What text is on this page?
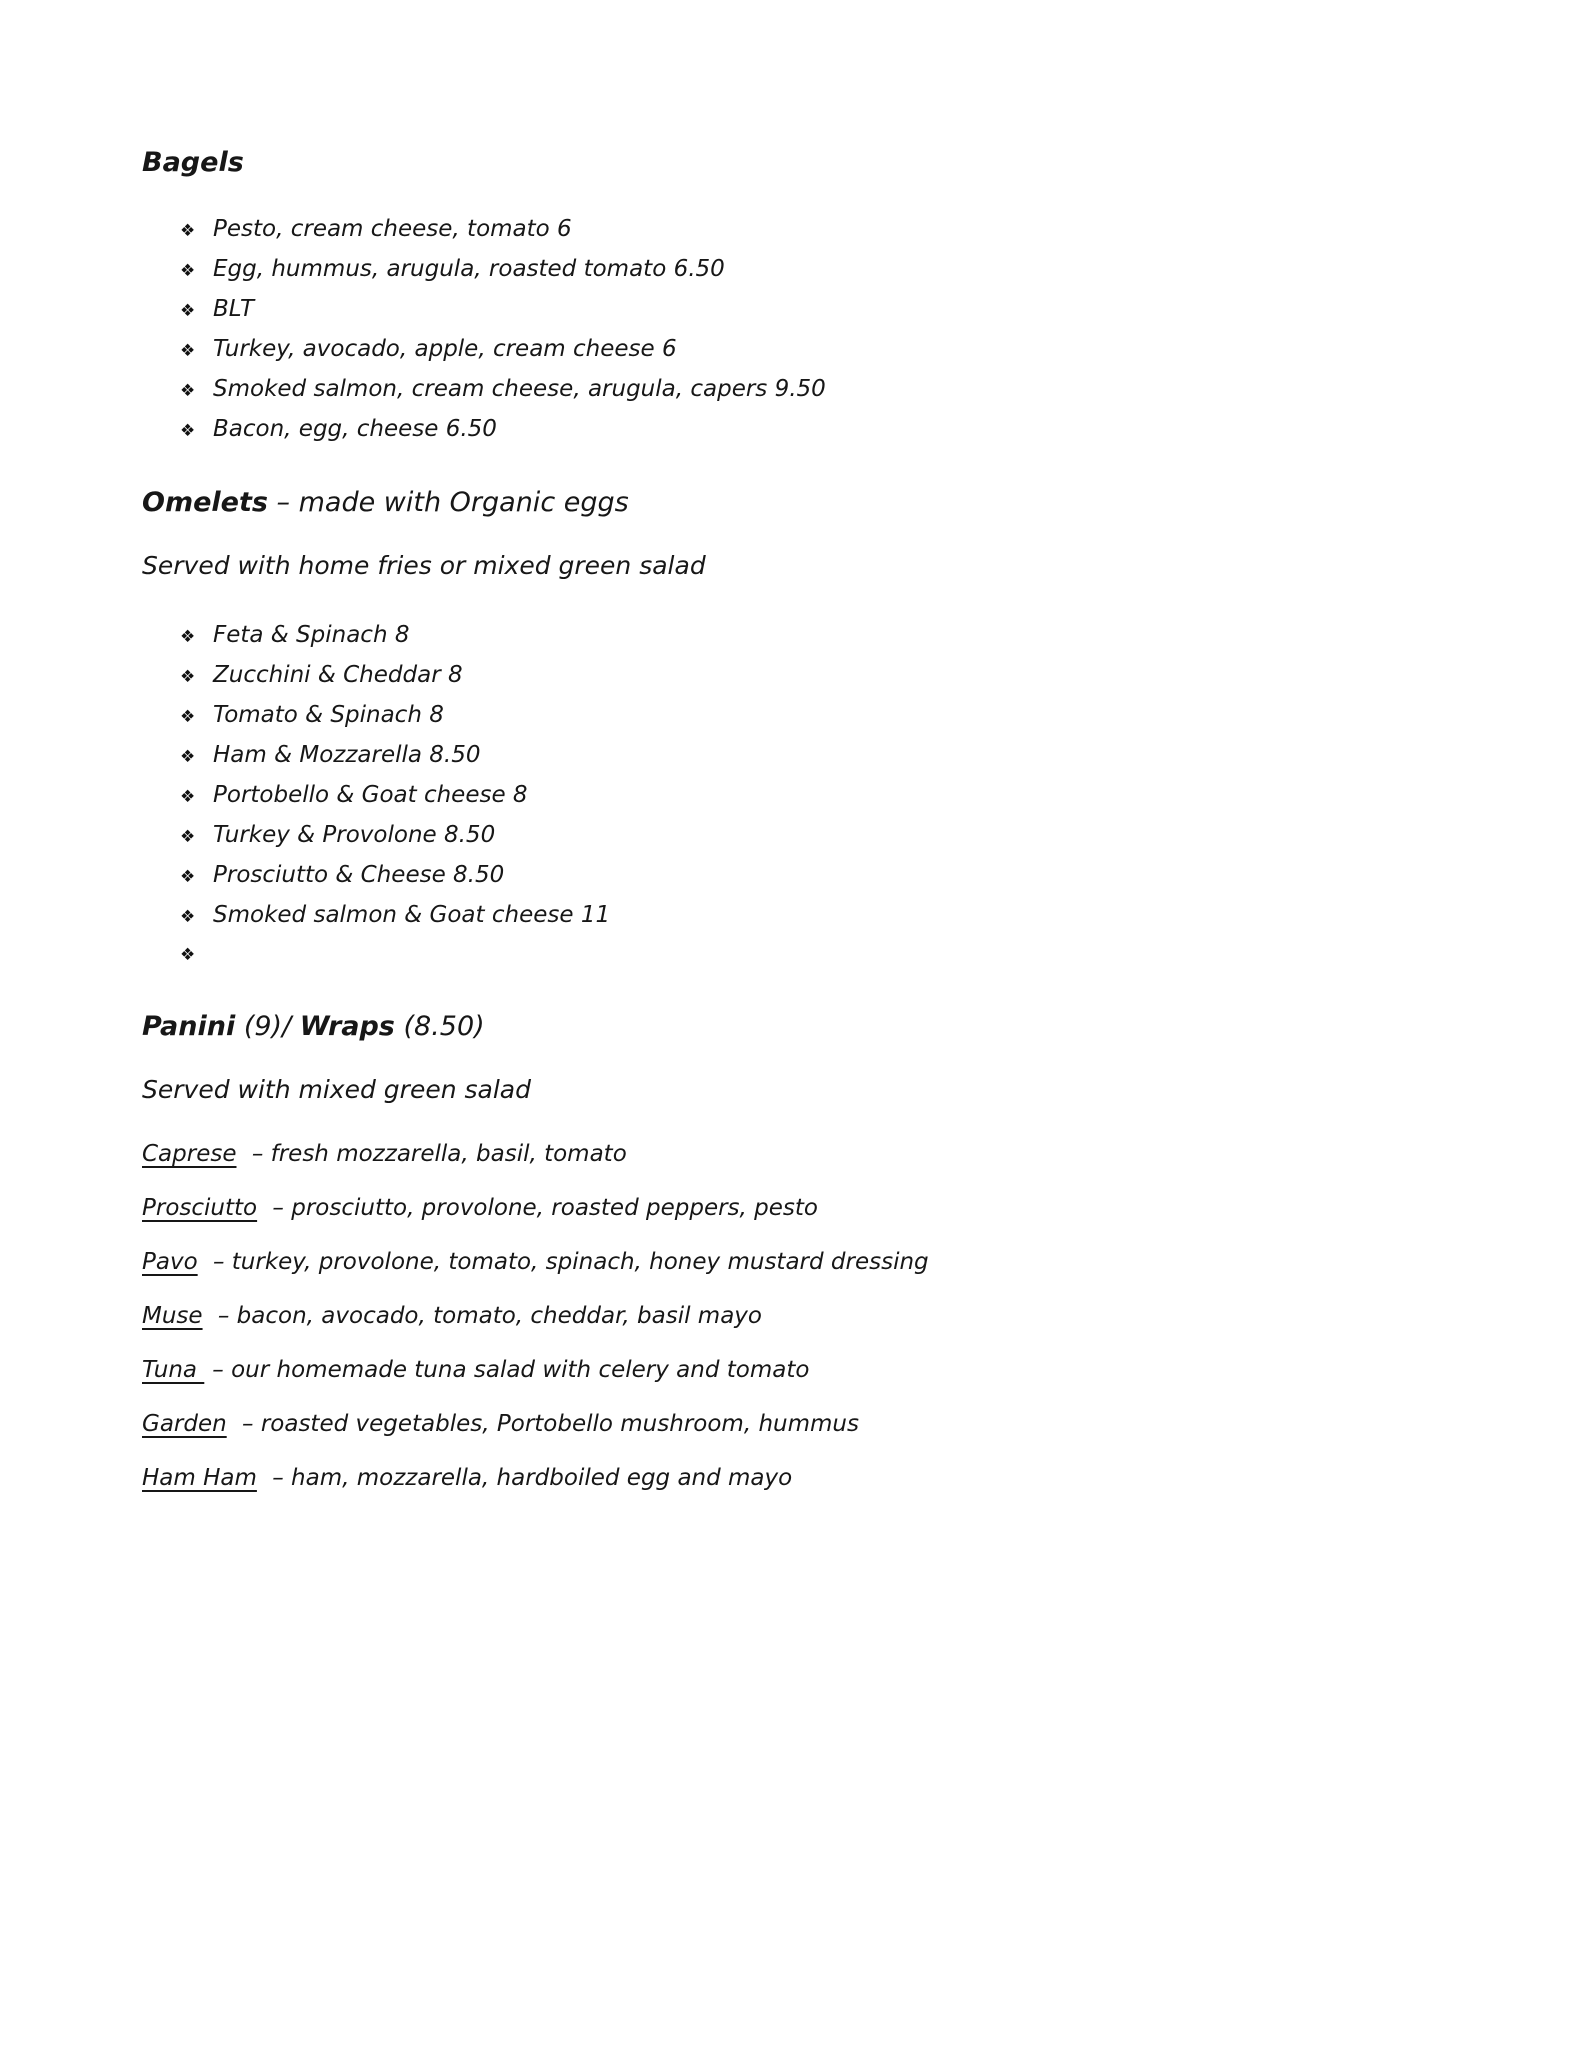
Bagels
❖ Pesto, cream cheese, tomato 6
❖ Egg, hummus, arugula, roasted tomato 6.50
❖ BLT
❖ Turkey, avocado, apple, cream cheese 6
❖ Smoked salmon, cream cheese, arugula, capers 9.50
❖ Bacon, egg, cheese 6.50
Omelets – made with Organic eggs
Served with home fries or mixed green salad
❖ Feta & Spinach 8
❖ Zucchini & Cheddar 8
❖ Tomato & Spinach 8
❖ Ham & Mozzarella 8.50
❖ Portobello & Goat cheese 8
❖ Turkey & Provolone 8.50
❖ Prosciutto & Cheese 8.50
❖ Smoked salmon & Goat cheese 11
❖
Panini (9)/ Wraps (8.50)
Served with mixed green salad
Caprese – fresh mozzarella, basil, tomato
Prosciutto – prosciutto, provolone, roasted peppers, pesto
Pavo – turkey, provolone, tomato, spinach, honey mustard dressing
Muse – bacon, avocado, tomato, cheddar, basil mayo
Tuna – our homemade tuna salad with celery and tomato
Garden – roasted vegetables, Portobello mushroom, hummus
Ham Ham – ham, mozzarella, hardboiled egg and mayo
